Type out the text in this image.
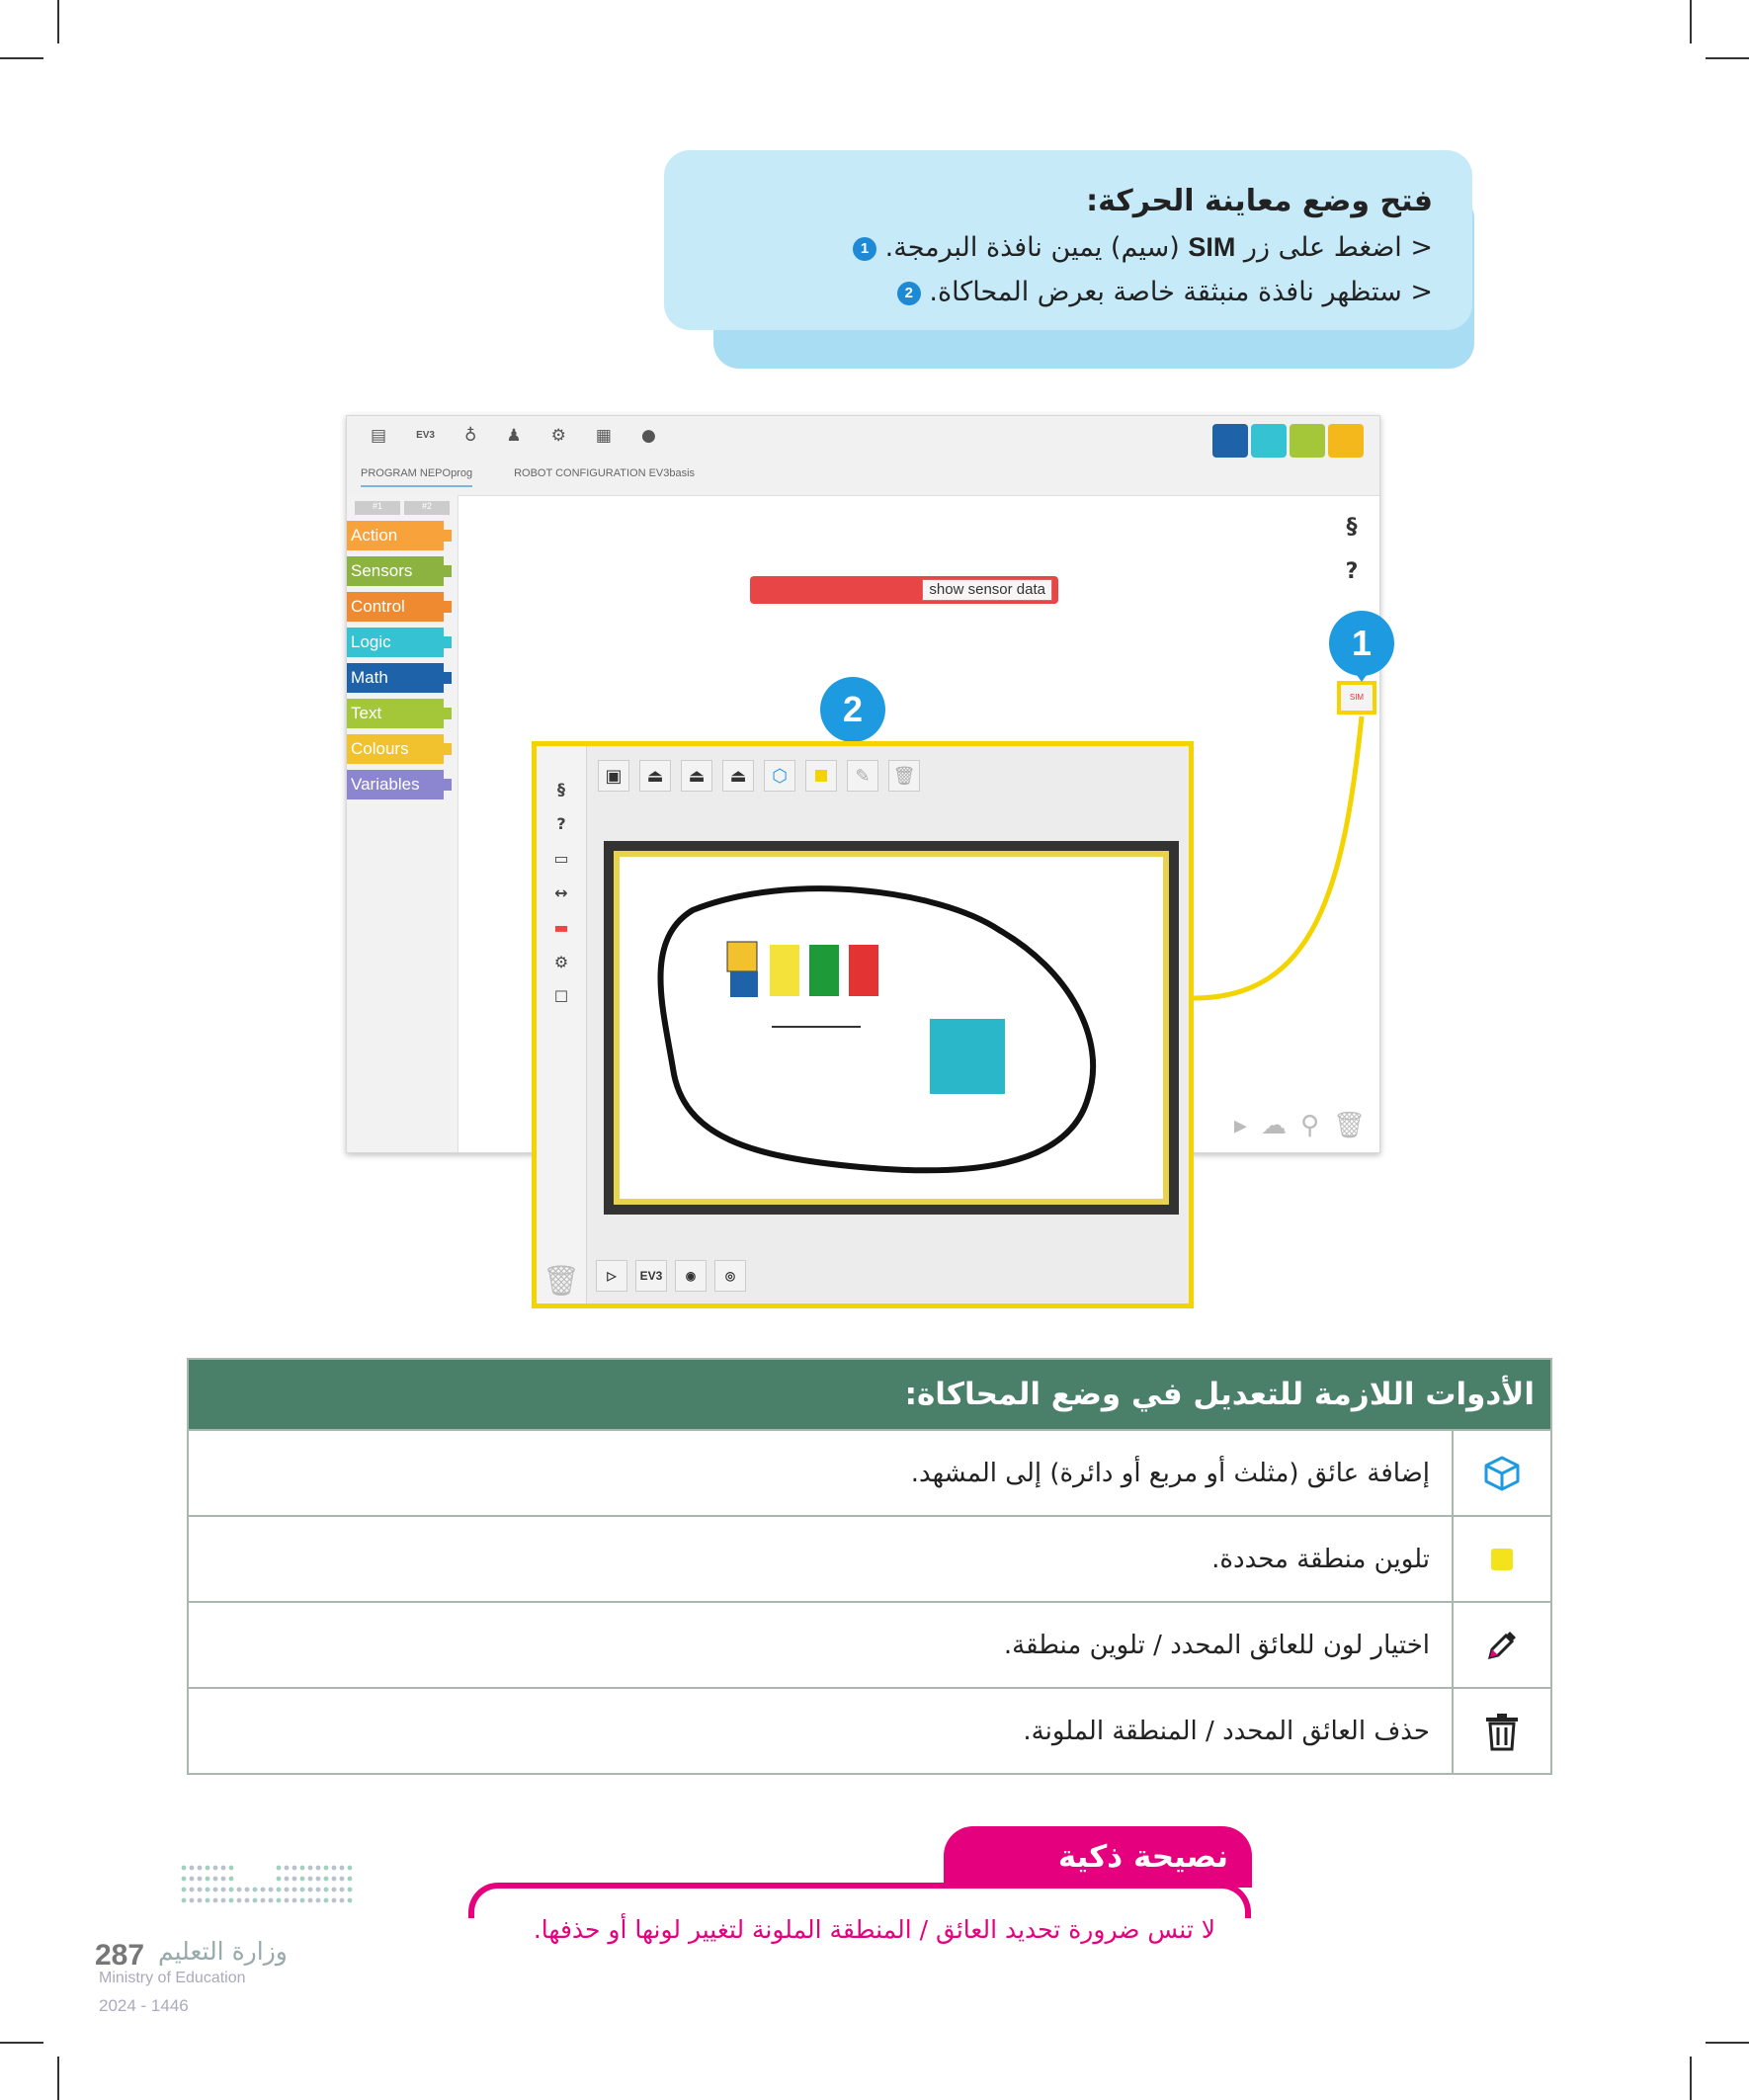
فتح وضع معاينة الحركة:
< اضغط على زر SIM (سيم) يمين نافذة البرمجة. 1
< ستظهر نافذة منبثقة خاصة بعرض المحاكاة. 2
▤	EV3 ♁ ♟ ⚙ ▦ ●
PROGRAM NEPOprog	ROBOT CONFIGURATION EV3basis
#1	#2
Action
Sensors
Control
Logic
Math
Text
Colours
Variables
show sensor data
§
?
SIM
▸ ☁ ⚲ 🗑
1
2
§
?
▭
↔
▬
⚙
☐
🗑
▣	⏏	⏏	⏏	⬡	✎	🗑
▷	EV3	◉	◎
الأدوات اللازمة للتعديل في وضع المحاكاة:
إضافة عائق (مثلث أو مربع أو دائرة) إلى المشهد.
تلوين منطقة محددة.
اختيار لون للعائق المحدد / تلوين منطقة.
حذف العائق المحدد / المنطقة الملونة.
نصيحة ذكية
لا تنس ضرورة تحديد العائق / المنطقة الملونة لتغيير لونها أو حذفها.
وزارة التعليم
287
Ministry of Education
2024 - 1446
